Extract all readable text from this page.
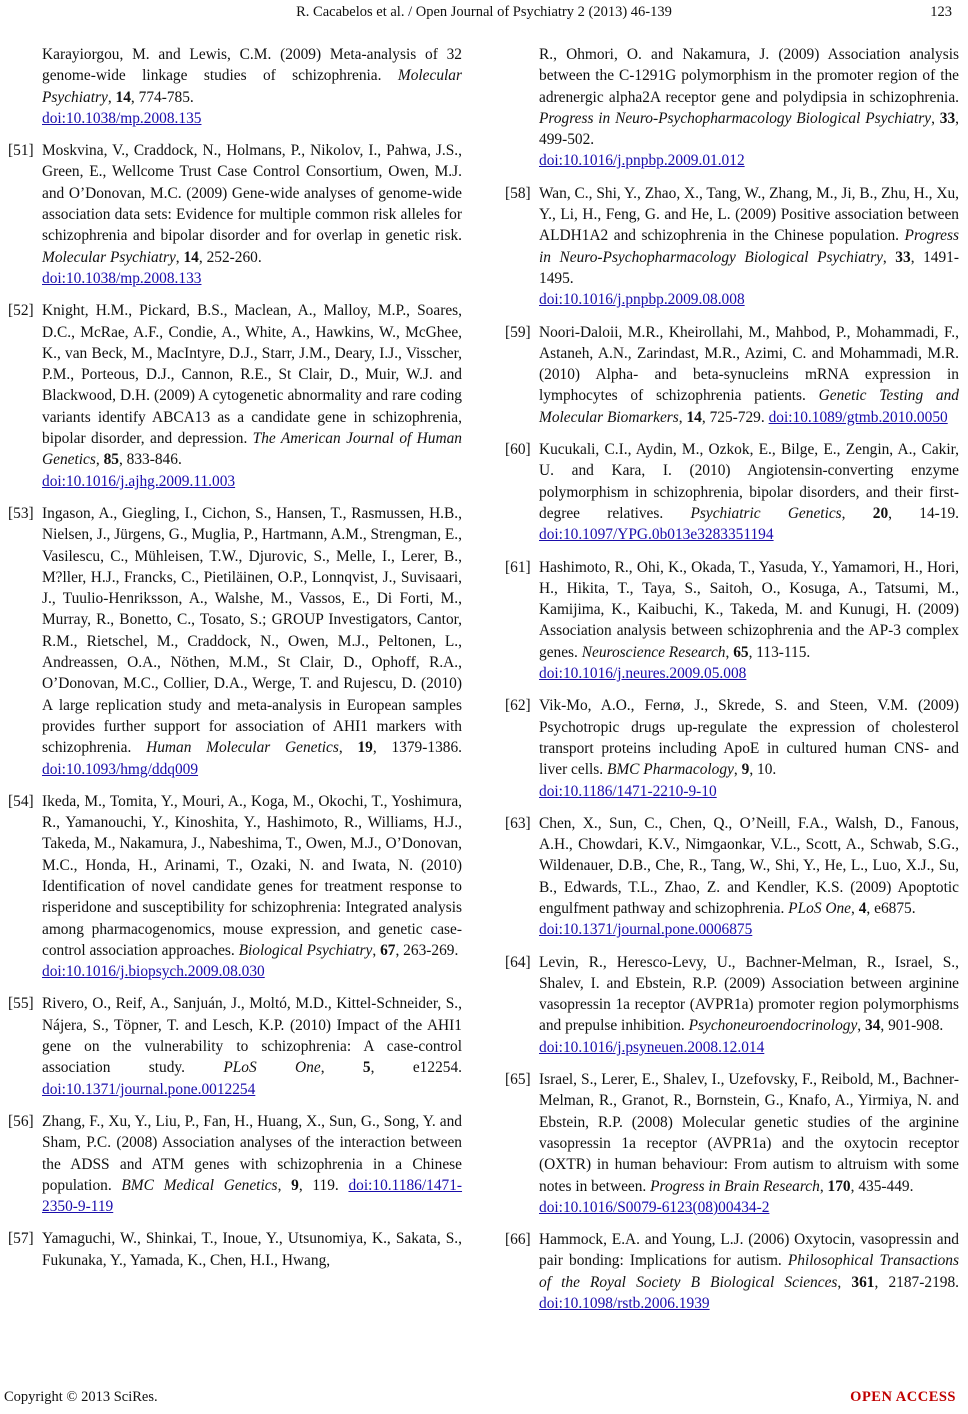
R. Cacabelos et al. / Open Journal of Psychiatry 2 (2013) 46-139	123
Karayiorgou, M. and Lewis, C.M. (2009) Meta-analysis of 32 genome-wide linkage studies of schizophrenia. Molecular Psychiatry, 14, 774-785.
doi:10.1038/mp.2008.135
[51] Moskvina, V., Craddock, N., Holmans, P., Nikolov, I., Pahwa, J.S., Green, E., Wellcome Trust Case Control Consortium, Owen, M.J. and O’Donovan, M.C. (2009) Gene-wide analyses of genome-wide association data sets: Evidence for multiple common risk alleles for schizophrenia and bipolar disorder and for overlap in genetic risk. Molecular Psychiatry, 14, 252-260.
doi:10.1038/mp.2008.133
[52] Knight, H.M., Pickard, B.S., Maclean, A., Malloy, M.P., Soares, D.C., McRae, A.F., Condie, A., White, A., Hawkins, W., McGhee, K., van Beck, M., MacIntyre, D.J., Starr, J.M., Deary, I.J., Visscher, P.M., Porteous, D.J., Cannon, R.E., St Clair, D., Muir, W.J. and Blackwood, D.H. (2009) A cytogenetic abnormality and rare coding variants identify ABCA13 as a candidate gene in schizophrenia, bipolar disorder, and depression. The American Journal of Human Genetics, 85, 833-846.
doi:10.1016/j.ajhg.2009.11.003
[53] Ingason, A., Giegling, I., Cichon, S., Hansen, T., Rasmussen, H.B., Nielsen, J., Jürgens, G., Muglia, P., Hartmann, A.M., Strengman, E., Vasilescu, C., Mühleisen, T.W., Djurovic, S., Melle, I., Lerer, B., M?ller, H.J., Francks, C., Pietiläinen, O.P., Lonnqvist, J., Suvisaari, J., Tuulio-Henriksson, A., Walshe, M., Vassos, E., Di Forti, M., Murray, R., Bonetto, C., Tosato, S.; GROUP Investigators, Cantor, R.M., Rietschel, M., Craddock, N., Owen, M.J., Peltonen, L., Andreassen, O.A., Nöthen, M.M., St Clair, D., Ophoff, R.A., O’Donovan, M.C., Collier, D.A., Werge, T. and Rujescu, D. (2010) A large replication study and meta-analysis in European samples provides further support for association of AHI1 markers with schizophrenia. Human Molecular Genetics, 19, 1379-1386. doi:10.1093/hmg/ddq009
[54] Ikeda, M., Tomita, Y., Mouri, A., Koga, M., Okochi, T., Yoshimura, R., Yamanouchi, Y., Kinoshita, Y., Hashimoto, R., Williams, H.J., Takeda, M., Nakamura, J., Nabeshima, T., Owen, M.J., O’Donovan, M.C., Honda, H., Arinami, T., Ozaki, N. and Iwata, N. (2010) Identification of novel candidate genes for treatment response to risperidone and susceptibility for schizophrenia: Integrated analysis among pharmacogenomics, mouse expression, and genetic case-control association approaches. Biological Psychiatry, 67, 263-269.
doi:10.1016/j.biopsych.2009.08.030
[55] Rivero, O., Reif, A., Sanjuán, J., Moltó, M.D., Kittel-Schneider, S., Nájera, S., Töpner, T. and Lesch, K.P. (2010) Impact of the AHI1 gene on the vulnerability to schizophrenia: A case-control association study. PLoS One, 5, e12254. doi:10.1371/journal.pone.0012254
[56] Zhang, F., Xu, Y., Liu, P., Fan, H., Huang, X., Sun, G., Song, Y. and Sham, P.C. (2008) Association analyses of the interaction between the ADSS and ATM genes with schizophrenia in a Chinese population. BMC Medical Genetics, 9, 119. doi:10.1186/1471-2350-9-119
[57] Yamaguchi, W., Shinkai, T., Inoue, Y., Utsunomiya, K., Sakata, S., Fukunaka, Y., Yamada, K., Chen, H.I., Hwang,
R., Ohmori, O. and Nakamura, J. (2009) Association analysis between the C-1291G polymorphism in the promoter region of the adrenergic alpha2A receptor gene and polydipsia in schizophrenia. Progress in Neuro-Psychopharmacology Biological Psychiatry, 33, 499-502.
doi:10.1016/j.pnpbp.2009.01.012
[58] Wan, C., Shi, Y., Zhao, X., Tang, W., Zhang, M., Ji, B., Zhu, H., Xu, Y., Li, H., Feng, G. and He, L. (2009) Positive association between ALDH1A2 and schizophrenia in the Chinese population. Progress in Neuro-Psychopharmacology Biological Psychiatry, 33, 1491-1495.
doi:10.1016/j.pnpbp.2009.08.008
[59] Noori-Daloii, M.R., Kheirollahi, M., Mahbod, P., Mohammadi, F., Astaneh, A.N., Zarindast, M.R., Azimi, C. and Mohammadi, M.R. (2010) Alpha- and beta-synucleins mRNA expression in lymphocytes of schizophrenia patients. Genetic Testing and Molecular Biomarkers, 14, 725-729. doi:10.1089/gtmb.2010.0050
[60] Kucukali, C.I., Aydin, M., Ozkok, E., Bilge, E., Zengin, A., Cakir, U. and Kara, I. (2010) Angiotensin-converting enzyme polymorphism in schizophrenia, bipolar disorders, and their first-degree relatives. Psychiatric Genetics, 20, 14-19. doi:10.1097/YPG.0b013e3283351194
[61] Hashimoto, R., Ohi, K., Okada, T., Yasuda, Y., Yamamori, H., Hori, H., Hikita, T., Taya, S., Saitoh, O., Kosuga, A., Tatsumi, M., Kamijima, K., Kaibuchi, K., Takeda, M. and Kunugi, H. (2009) Association analysis between schizophrenia and the AP-3 complex genes. Neuroscience Research, 65, 113-115.
doi:10.1016/j.neures.2009.05.008
[62] Vik-Mo, A.O., Fernø, J., Skrede, S. and Steen, V.M. (2009) Psychotropic drugs up-regulate the expression of cholesterol transport proteins including ApoE in cultured human CNS- and liver cells. BMC Pharmacology, 9, 10.
doi:10.1186/1471-2210-9-10
[63] Chen, X., Sun, C., Chen, Q., O’Neill, F.A., Walsh, D., Fanous, A.H., Chowdari, K.V., Nimgaonkar, V.L., Scott, A., Schwab, S.G., Wildenauer, D.B., Che, R., Tang, W., Shi, Y., He, L., Luo, X.J., Su, B., Edwards, T.L., Zhao, Z. and Kendler, K.S. (2009) Apoptotic engulfment pathway and schizophrenia. PLoS One, 4, e6875.
doi:10.1371/journal.pone.0006875
[64] Levin, R., Heresco-Levy, U., Bachner-Melman, R., Israel, S., Shalev, I. and Ebstein, R.P. (2009) Association between arginine vasopressin 1a receptor (AVPR1a) promoter region polymorphisms and prepulse inhibition. Psychoneuroendocrinology, 34, 901-908.
doi:10.1016/j.psyneuen.2008.12.014
[65] Israel, S., Lerer, E., Shalev, I., Uzefovsky, F., Reibold, M., Bachner-Melman, R., Granot, R., Bornstein, G., Knafo, A., Yirmiya, N. and Ebstein, R.P. (2008) Molecular genetic studies of the arginine vasopressin 1a receptor (AVPR1a) and the oxytocin receptor (OXTR) in human behaviour: From autism to altruism with some notes in between. Progress in Brain Research, 170, 435-449.
doi:10.1016/S0079-6123(08)00434-2
[66] Hammock, E.A. and Young, L.J. (2006) Oxytocin, vasopressin and pair bonding: Implications for autism. Philosophical Transactions of the Royal Society B Biological Sciences, 361, 2187-2198. doi:10.1098/rstb.2006.1939
Copyright © 2013 SciRes.	OPEN ACCESS
